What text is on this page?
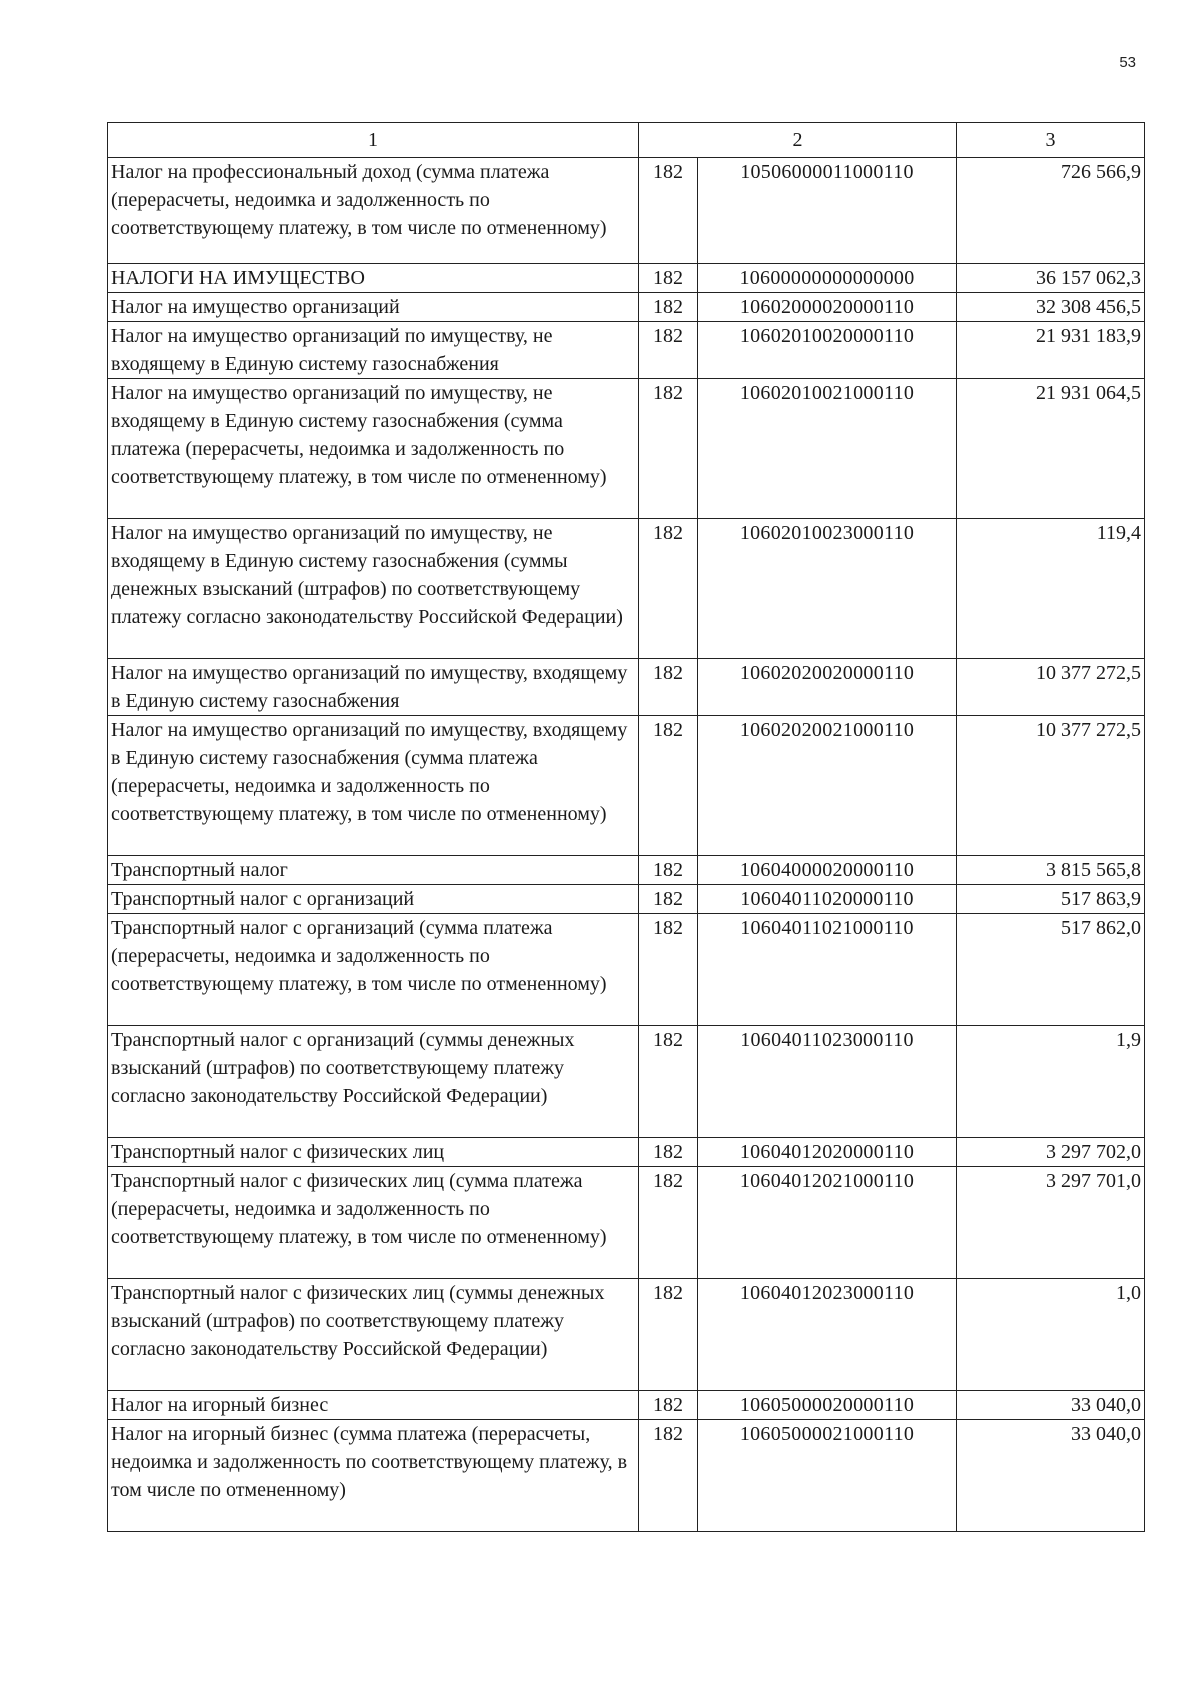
53
1	2		3
Налог на профессиональный доход (сумма платежа (перерасчеты, недоимка и задолженность по соответствующему платежу, в том числе по отмененному)	182	10506000011000110	726 566,9
НАЛОГИ НА ИМУЩЕСТВО	182	10600000000000000	36 157 062,3
Налог на имущество организаций	182	10602000020000110	32 308 456,5
Налог на имущество организаций по имуществу, не входящему в Единую систему газоснабжения	182	10602010020000110	21 931 183,9
Налог на имущество организаций по имуществу, не входящему в Единую систему газоснабжения (сумма платежа (перерасчеты, недоимка и задолженность по соответствующему платежу, в том числе по отмененному)	182	10602010021000110	21 931 064,5
Налог на имущество организаций по имуществу, не входящему в Единую систему газоснабжения (суммы денежных взысканий (штрафов) по соответствующему платежу согласно законодательству Российской Федерации)	182	10602010023000110	119,4
Налог на имущество организаций по имуществу, входящему в Единую систему газоснабжения	182	10602020020000110	10 377 272,5
Налог на имущество организаций по имуществу, входящему в Единую систему газоснабжения (сумма платежа (перерасчеты, недоимка и задолженность по соответствующему платежу, в том числе по отмененному)	182	10602020021000110	10 377 272,5
Транспортный налог	182	10604000020000110	3 815 565,8
Транспортный налог с организаций	182	10604011020000110	517 863,9
Транспортный налог с организаций (сумма платежа (перерасчеты, недоимка и задолженность по соответствующему платежу, в том числе по отмененному)	182	10604011021000110	517 862,0
Транспортный налог с организаций (суммы денежных взысканий (штрафов) по соответствующему платежу согласно законодательству Российской Федерации)	182	10604011023000110	1,9
Транспортный налог с физических лиц	182	10604012020000110	3 297 702,0
Транспортный налог с физических лиц (сумма платежа (перерасчеты, недоимка и задолженность по соответствующему платежу, в том числе по отмененному)	182	10604012021000110	3 297 701,0
Транспортный налог с физических лиц (суммы денежных взысканий (штрафов) по соответствующему платежу согласно законодательству Российской Федерации)	182	10604012023000110	1,0
Налог на игорный бизнес	182	10605000020000110	33 040,0
Налог на игорный бизнес (сумма платежа (перерасчеты, недоимка и задолженность по соответствующему платежу, в том числе по отмененному)	182	10605000021000110	33 040,0
